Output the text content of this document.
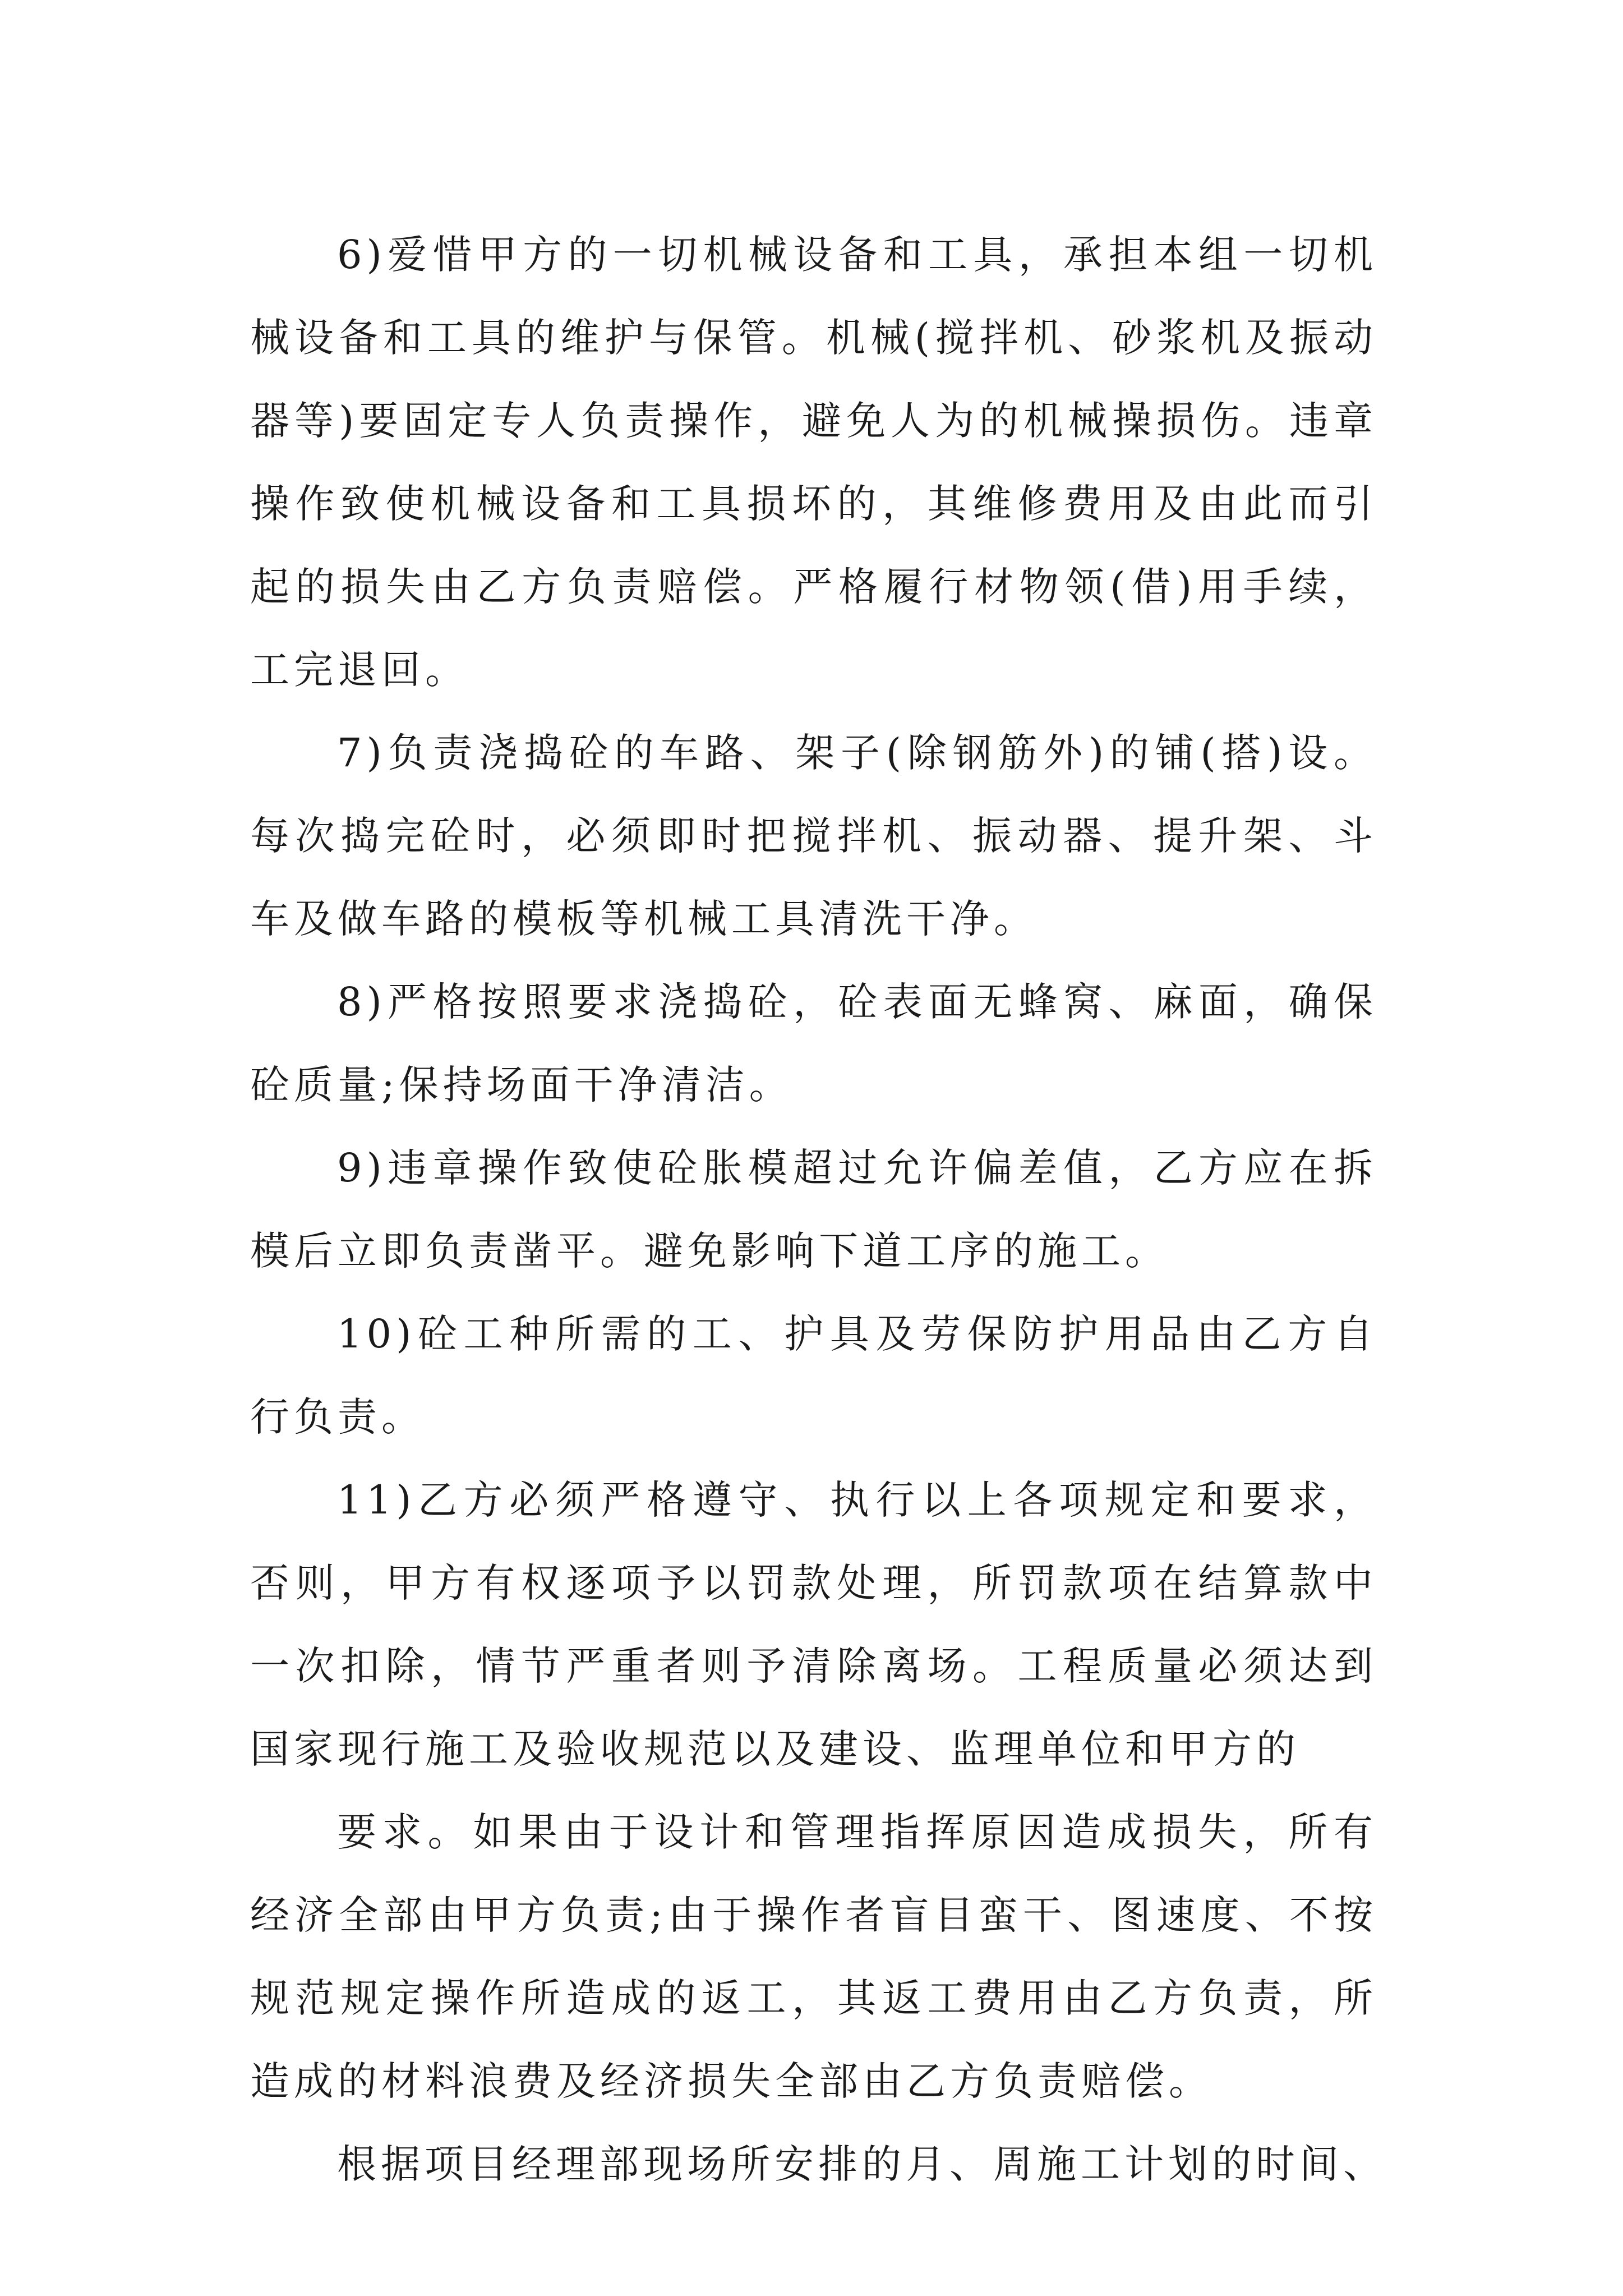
6)爱惜甲方的一切机械设备和工具，承担本组一切机械设备和工具的维护与保管。机械(搅拌机、砂浆机及振动器等)要固定专人负责操作，避免人为的机械操损伤。违章操作致使机械设备和工具损坏的，其维修费用及由此而引起的损失由乙方负责赔偿。严格履行材物领(借)用手续，工完退回。

7)负责浇捣砼的车路、架子(除钢筋外)的铺(搭)设。每次捣完砼时，必须即时把搅拌机、振动器、提升架、斗车及做车路的模板等机械工具清洗干净。

8)严格按照要求浇捣砼，砼表面无蜂窝、麻面，确保砼质量;保持场面干净清洁。

9)违章操作致使砼胀模超过允许偏差值，乙方应在拆模后立即负责凿平。避免影响下道工序的施工。

10)砼工种所需的工、护具及劳保防护用品由乙方自行负责。

11)乙方必须严格遵守、执行以上各项规定和要求，否则，甲方有权逐项予以罚款处理，所罚款项在结算款中一次扣除，情节严重者则予清除离场。工程质量必须达到国家现行施工及验收规范以及建设、监理单位和甲方的

要求。如果由于设计和管理指挥原因造成损失，所有经济全部由甲方负责;由于操作者盲目蛮干、图速度、不按规范规定操作所造成的返工，其返工费用由乙方负责，所造成的材料浪费及经济损失全部由乙方负责赔偿。

根据项目经理部现场所安排的月、周施工计划的时间、
